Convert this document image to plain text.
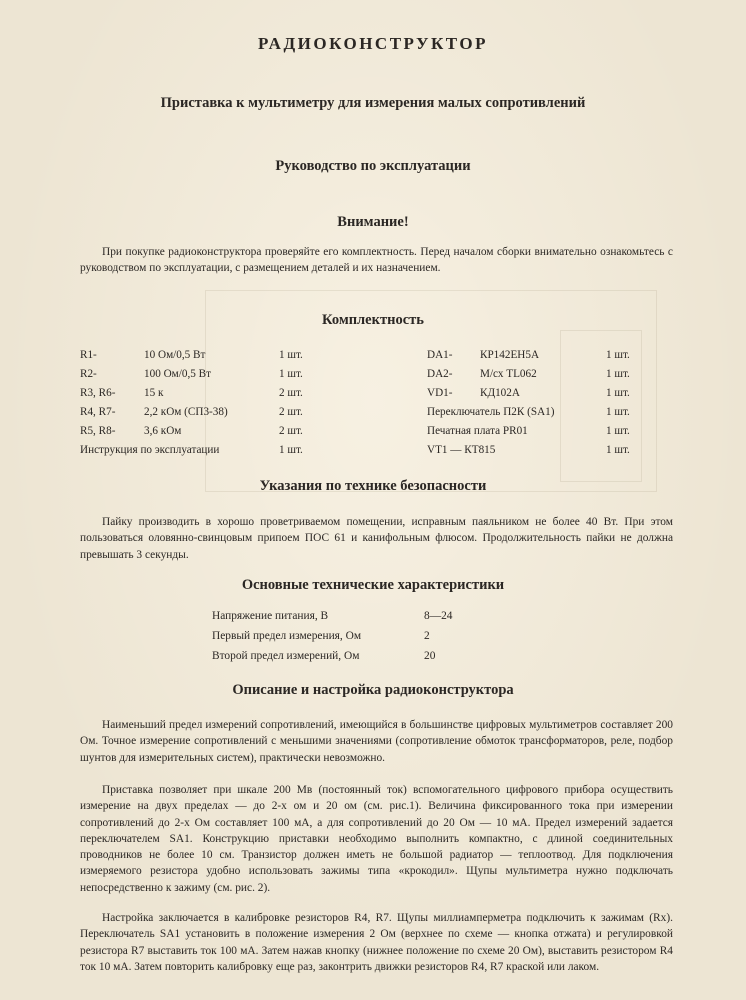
РАДИОКОНСТРУКТОР
Приставка к мультиметру для измерения малых сопротивлений
Руководство по эксплуатации
Внимание!

При покупке радиоконструктора проверяйте его комплектность. Перед началом сборки внимательно ознакомьтесь с руководством по эксплуатации, с размещением деталей и их назначением.

Комплектность
R1-	10 Ом/0,5 Вт	1 шт.
R2-	100 Ом/0,5 Вт	1 шт.
R3, R6-	15 к	2 шт.
R4, R7-	2,2 кОм (СП3-38)	2 шт.
R5, R8-	3,6 кОм	2 шт.
Инструкция по эксплуатации	1 шт.
DA1-	КР142ЕН5А	1 шт.
DA2-	М/сх TL062	1 шт.
VD1-	КД102А	1 шт.
Переключатель П2К (SA1)	1 шт.
Печатная плата PR01	1 шт.
VT1 — КТ815	1 шт.
Указания по технике безопасности

Пайку производить в хорошо проветриваемом помещении, исправным паяльником не более 40 Вт. При этом пользоваться оловянно-свинцовым припоем ПОС 61 и канифольным флюсом. Продолжительность пайки не должна превышать 3 секунды.

Основные технические характеристики
Напряжение питания, В	8—24
Первый предел измерения, Ом	2
Второй предел измерений, Ом	20
Описание и настройка радиоконструктора

Наименьший предел измерений сопротивлений, имеющийся в большинстве цифровых мультиметров составляет 200 Ом. Точное измерение сопротивлений с меньшими значениями (сопротивление обмоток трансформаторов, реле, подбор шунтов для измерительных систем), практически невозможно.

Приставка позволяет при шкале 200 Мв (постоянный ток) вспомогательного цифрового прибора осуществить измерение на двух пределах — до 2-х ом и 20 ом (см. рис.1). Величина фиксированного тока при измерении сопротивлений до 2-х Ом составляет 100 мА, а для сопротивлений до 20 Ом — 10 мА. Предел измерений задается переключателем SA1. Конструкцию приставки необходимо выполнить компактно, с длиной соединительных проводников не более 10 см. Транзистор должен иметь не большой радиатор — теплоотвод. Для подключения измеряемого резистора удобно использовать зажимы типа «крокодил». Щупы мультиметра нужно подключать непосредственно к зажиму (см. рис. 2).

Настройка заключается в калибровке резисторов R4, R7. Щупы миллиамперметра подключить к зажимам (Rx). Переключатель SA1 установить в положение измерения 2 Ом (верхнее по схеме — кнопка отжата) и регулировкой резистора R7 выставить ток 100 мА. Затем нажав кнопку (нижнее положение по схеме 20 Ом), выставить резистором R4 ток 10 мА. Затем повторить калибровку еще раз, законтрить движки резисторов R4, R7 краской или лаком.
